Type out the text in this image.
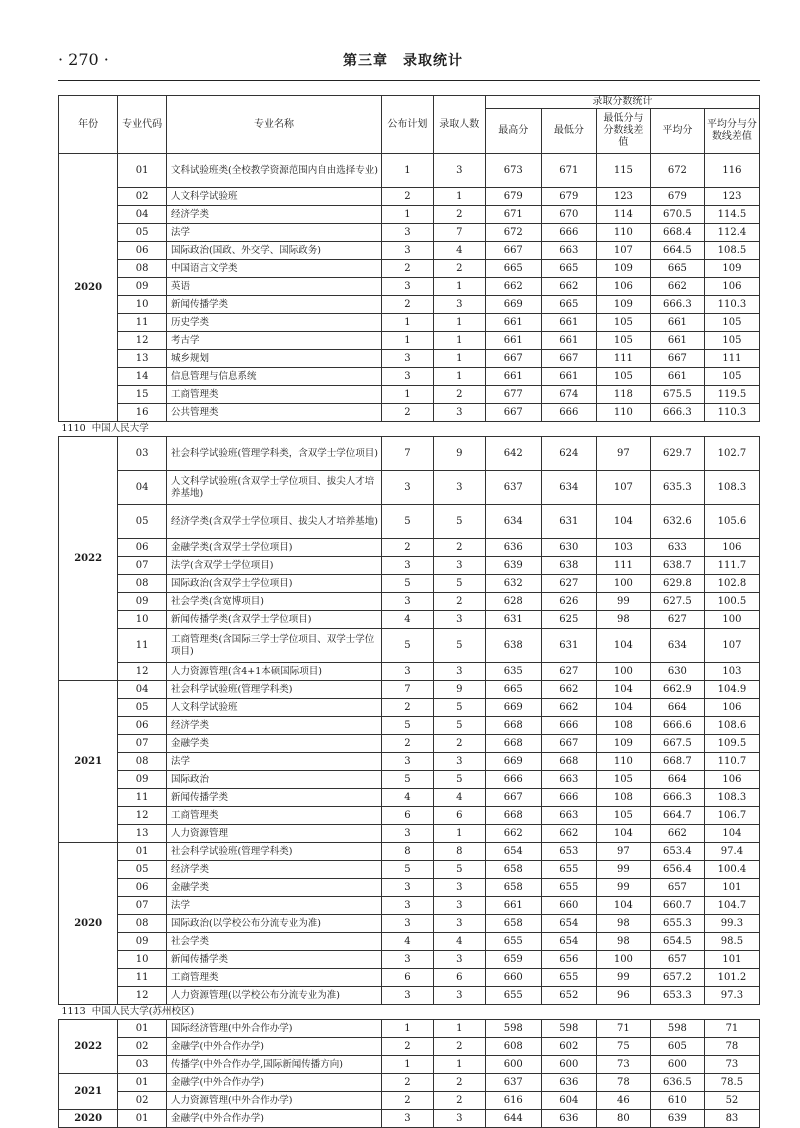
· 270 ·	第三章　录取统计
年份	专业代码	专业名称	公布计划	录取人数	录取分数统计				
					最高分	最低分	最低分与分数线差值	平均分	平均分与分数线差值
2020	01	文科试验班类(全校教学资源范围内自由选择专业)	1	3	673	671	115	672	116
	02	人文科学试验班	2	1	679	679	123	679	123
	04	经济学类	1	2	671	670	114	670.5	114.5
	05	法学	3	7	672	666	110	668.4	112.4
	06	国际政治(国政、外交学、国际政务)	3	4	667	663	107	664.5	108.5
	08	中国语言文学类	2	2	665	665	109	665	109
	09	英语	3	1	662	662	106	662	106
	10	新闻传播学类	2	3	669	665	109	666.3	110.3
	11	历史学类	1	1	661	661	105	661	105
	12	考古学	1	1	661	661	105	661	105
	13	城乡规划	3	1	667	667	111	667	111
	14	信息管理与信息系统	3	1	661	661	105	661	105
	15	工商管理类	1	2	677	674	118	675.5	119.5
	16	公共管理类	2	3	667	666	110	666.3	110.3
1110 中国人民大学									
2022	03	社会科学试验班(管理学科类，含双学士学位项目)	7	9	642	624	97	629.7	102.7
	04	人文科学试验班(含双学士学位项目、拔尖人才培养基地)	3	3	637	634	107	635.3	108.3
	05	经济学类(含双学士学位项目、拔尖人才培养基地)	5	5	634	631	104	632.6	105.6
	06	金融学类(含双学士学位项目)	2	2	636	630	103	633	106
	07	法学(含双学士学位项目)	3	3	639	638	111	638.7	111.7
	08	国际政治(含双学士学位项目)	5	5	632	627	100	629.8	102.8
	09	社会学类(含宽博项目)	3	2	628	626	99	627.5	100.5
	10	新闻传播学类(含双学士学位项目)	4	3	631	625	98	627	100
	11	工商管理类(含国际三学士学位项目、双学士学位项目)	5	5	638	631	104	634	107
	12	人力资源管理(含4+1本硕国际项目)	3	3	635	627	100	630	103
2021	04	社会科学试验班(管理学科类)	7	9	665	662	104	662.9	104.9
	05	人文科学试验班	2	5	669	662	104	664	106
	06	经济学类	5	5	668	666	108	666.6	108.6
	07	金融学类	2	2	668	667	109	667.5	109.5
	08	法学	3	3	669	668	110	668.7	110.7
	09	国际政治	5	5	666	663	105	664	106
	11	新闻传播学类	4	4	667	666	108	666.3	108.3
	12	工商管理类	6	6	668	663	105	664.7	106.7
	13	人力资源管理	3	1	662	662	104	662	104
2020	01	社会科学试验班(管理学科类)	8	8	654	653	97	653.4	97.4
	05	经济学类	5	5	658	655	99	656.4	100.4
	06	金融学类	3	3	658	655	99	657	101
	07	法学	3	3	661	660	104	660.7	104.7
	08	国际政治(以学校公布分流专业为准)	3	3	658	654	98	655.3	99.3
	09	社会学类	4	4	655	654	98	654.5	98.5
	10	新闻传播学类	3	3	659	656	100	657	101
	11	工商管理类	6	6	660	655	99	657.2	101.2
	12	人力资源管理(以学校公布分流专业为准)	3	3	655	652	96	653.3	97.3
1113 中国人民大学(苏州校区)									
2022	01	国际经济管理(中外合作办学)	1	1	598	598	71	598	71
	02	金融学(中外合作办学)	2	2	608	602	75	605	78
	03	传播学(中外合作办学,国际新闻传播方向)	1	1	600	600	73	600	73
2021	01	金融学(中外合作办学)	2	2	637	636	78	636.5	78.5
	02	人力资源管理(中外合作办学)	2	2	616	604	46	610	52
2020	01	金融学(中外合作办学)	3	3	644	636	80	639	83
